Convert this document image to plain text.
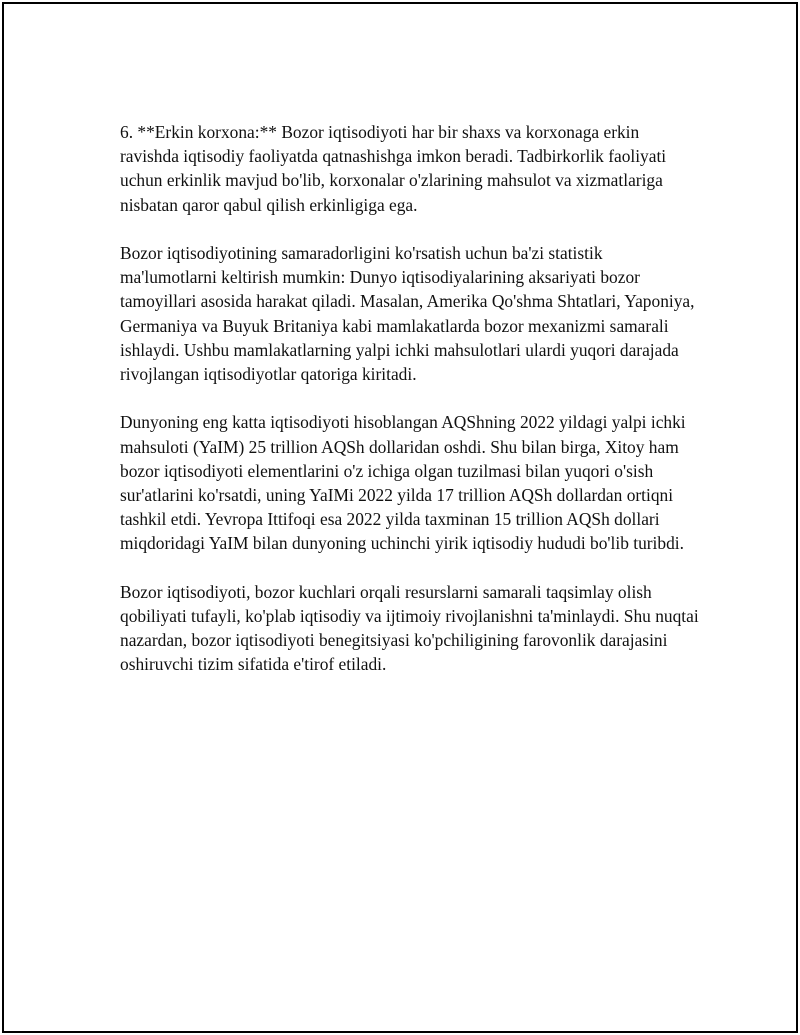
6. **Erkin korxona:** Bozor iqtisodiyoti har bir shaxs va korxonaga erkin ravishda iqtisodiy faoliyatda qatnashishga imkon beradi. Tadbirkorlik faoliyati uchun erkinlik mavjud bo'lib, korxonalar o'zlarining mahsulot va xizmatlariga nisbatan qaror qabul qilish erkinligiga ega.

Bozor iqtisodiyotining samaradorligini ko'rsatish uchun ba'zi statistik ma'lumotlarni keltirish mumkin: Dunyo iqtisodiyalarining aksariyati bozor tamoyillari asosida harakat qiladi. Masalan, Amerika Qo'shma Shtatlari, Yaponiya, Germaniya va Buyuk Britaniya kabi mamlakatlarda bozor mexanizmi samarali ishlaydi. Ushbu mamlakatlarning yalpi ichki mahsulotlari ulardi yuqori darajada rivojlangan iqtisodiyotlar qatoriga kiritadi.

Dunyoning eng katta iqtisodiyoti hisoblangan AQShning 2022 yildagi yalpi ichki mahsuloti (YaIM) 25 trillion AQSh dollaridan oshdi. Shu bilan birga, Xitoy ham bozor iqtisodiyoti elementlarini o'z ichiga olgan tuzilmasi bilan yuqori o'sish sur'atlarini ko'rsatdi, uning YaIMi 2022 yilda 17 trillion AQSh dollardan ortiqni tashkil etdi. Yevropa Ittifoqi esa 2022 yilda taxminan 15 trillion AQSh dollari miqdoridagi YaIM bilan dunyoning uchinchi yirik iqtisodiy hududi bo'lib turibdi.

Bozor iqtisodiyoti, bozor kuchlari orqali resurslarni samarali taqsimlay olish qobiliyati tufayli, ko'plab iqtisodiy va ijtimoiy rivojlanishni ta'minlaydi. Shu nuqtai nazardan, bozor iqtisodiyoti benegitsiyasi ko'pchiligining farovonlik darajasini oshiruvchi tizim sifatida e'tirof etiladi.
